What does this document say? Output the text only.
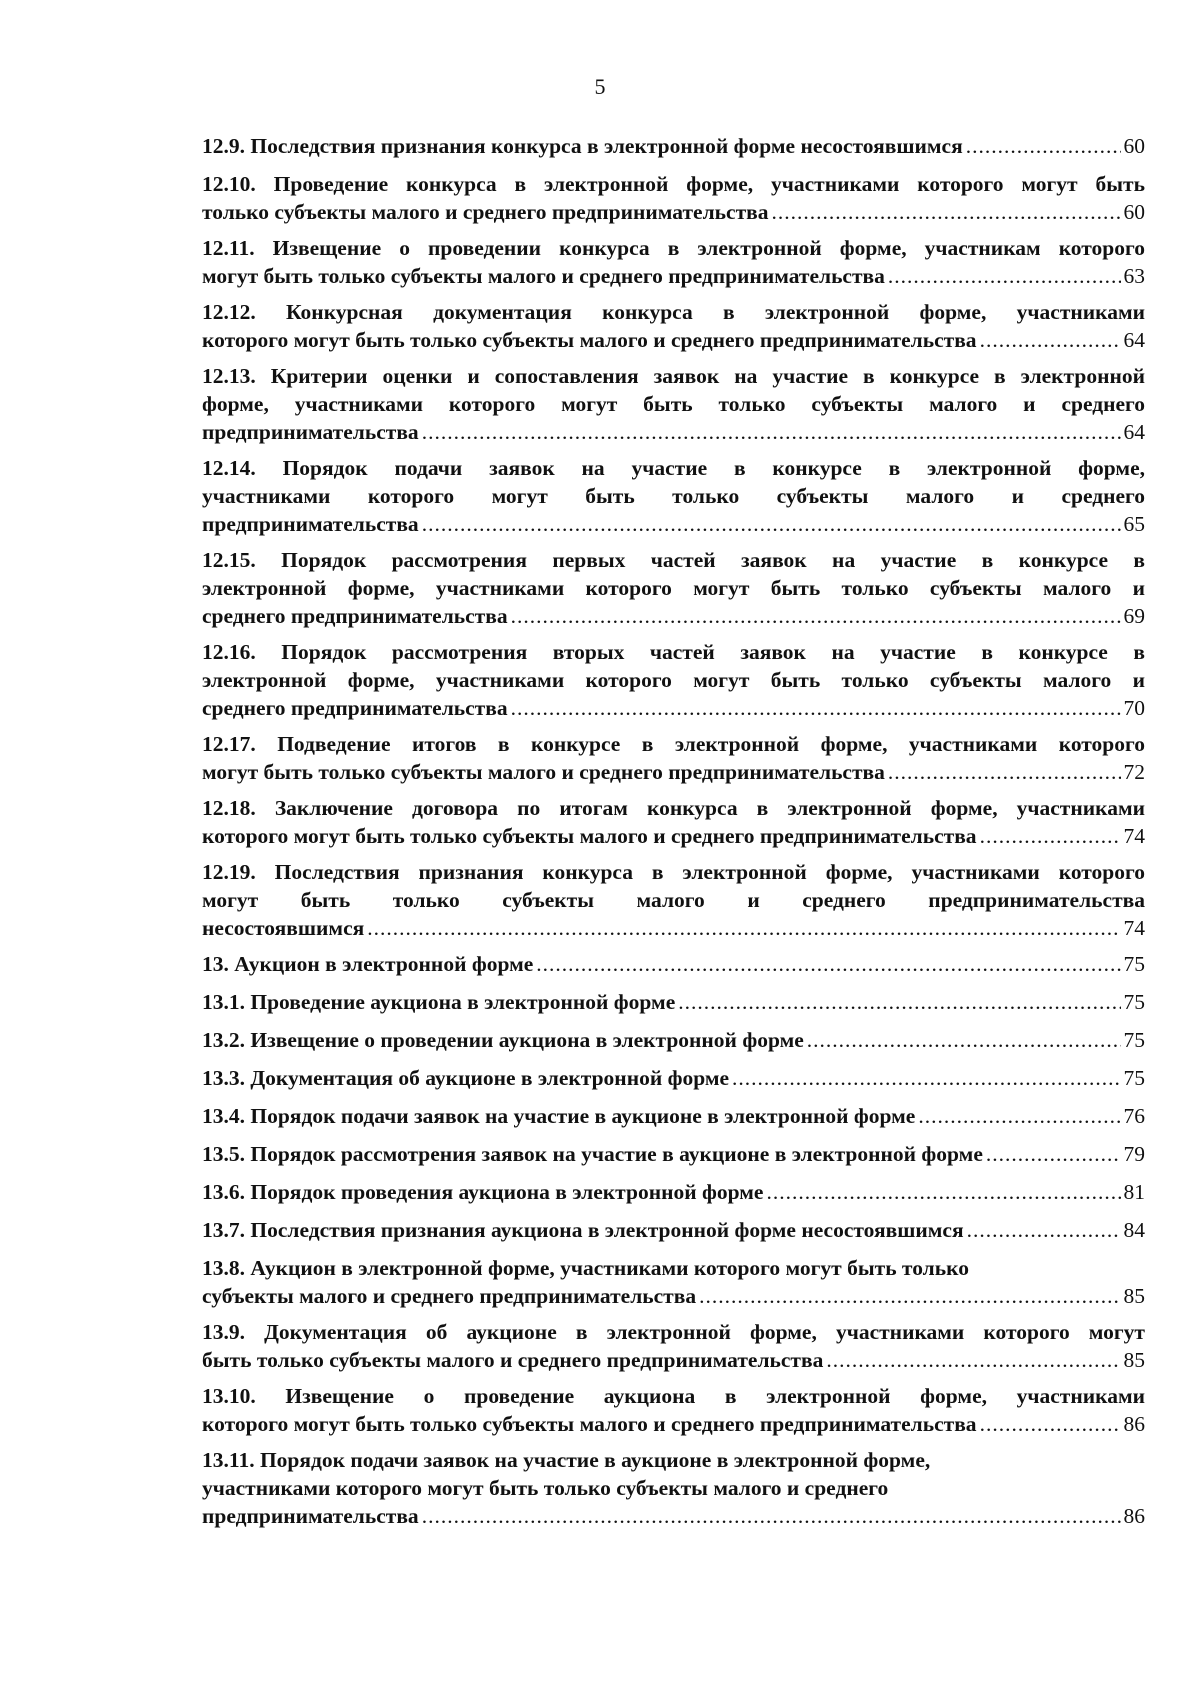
5
12.9. Последствия признания конкурса в электронной форме несостоявшимся .....	60
12.10. Проведение конкурса в электронной форме, участниками которого могут быть
только субъекты малого и среднего предпринимательства .....	60
12.11. Извещение о проведении конкурса в электронной форме, участникам которого
могут быть только субъекты малого и среднего предпринимательства .....	63
12.12. Конкурсная документация конкурса в электронной форме, участниками
которого могут быть только субъекты малого и среднего предпринимательства .....	64
12.13. Критерии оценки и сопоставления заявок на участие в конкурсе в электронной
форме, участниками которого могут быть только субъекты малого и среднего
предпринимательства .....	64
12.14. Порядок подачи заявок на участие в конкурсе в электронной форме,
участниками которого могут быть только субъекты малого и среднего
предпринимательства .....	65
12.15. Порядок рассмотрения первых частей заявок на участие в конкурсе в
электронной форме, участниками которого могут быть только субъекты малого и
среднего предпринимательства .....	69
12.16. Порядок рассмотрения вторых частей заявок на участие в конкурсе в
электронной форме, участниками которого могут быть только субъекты малого и
среднего предпринимательства .....	70
12.17. Подведение итогов в конкурсе в электронной форме, участниками которого
могут быть только субъекты малого и среднего предпринимательства .....	72
12.18. Заключение договора по итогам конкурса в электронной форме, участниками
которого могут быть только субъекты малого и среднего предпринимательства .....	74
12.19. Последствия признания конкурса в электронной форме, участниками которого
могут быть только субъекты малого и среднего предпринимательства
несостоявшимся .....	74
13. Аукцион в электронной форме .....	75
13.1. Проведение аукциона в электронной форме .....	75
13.2. Извещение о проведении аукциона в электронной форме .....	75
13.3. Документация об аукционе в электронной форме .....	75
13.4. Порядок подачи заявок на участие в аукционе в электронной форме .....	76
13.5. Порядок рассмотрения заявок на участие в аукционе в электронной форме .....	79
13.6. Порядок проведения аукциона в электронной форме .....	81
13.7. Последствия признания аукциона в электронной форме несостоявшимся .....	84
13.8. Аукцион в электронной форме, участниками которого могут быть только
субъекты малого и среднего предпринимательства .....	85
13.9. Документация об аукционе в электронной форме, участниками которого могут
быть только субъекты малого и среднего предпринимательства .....	85
13.10. Извещение о проведение аукциона в электронной форме, участниками
которого могут быть только субъекты малого и среднего предпринимательства .....	86
13.11. Порядок подачи заявок на участие в аукционе в электронной форме,
участниками которого могут быть только субъекты малого и среднего
предпринимательства .....	86
